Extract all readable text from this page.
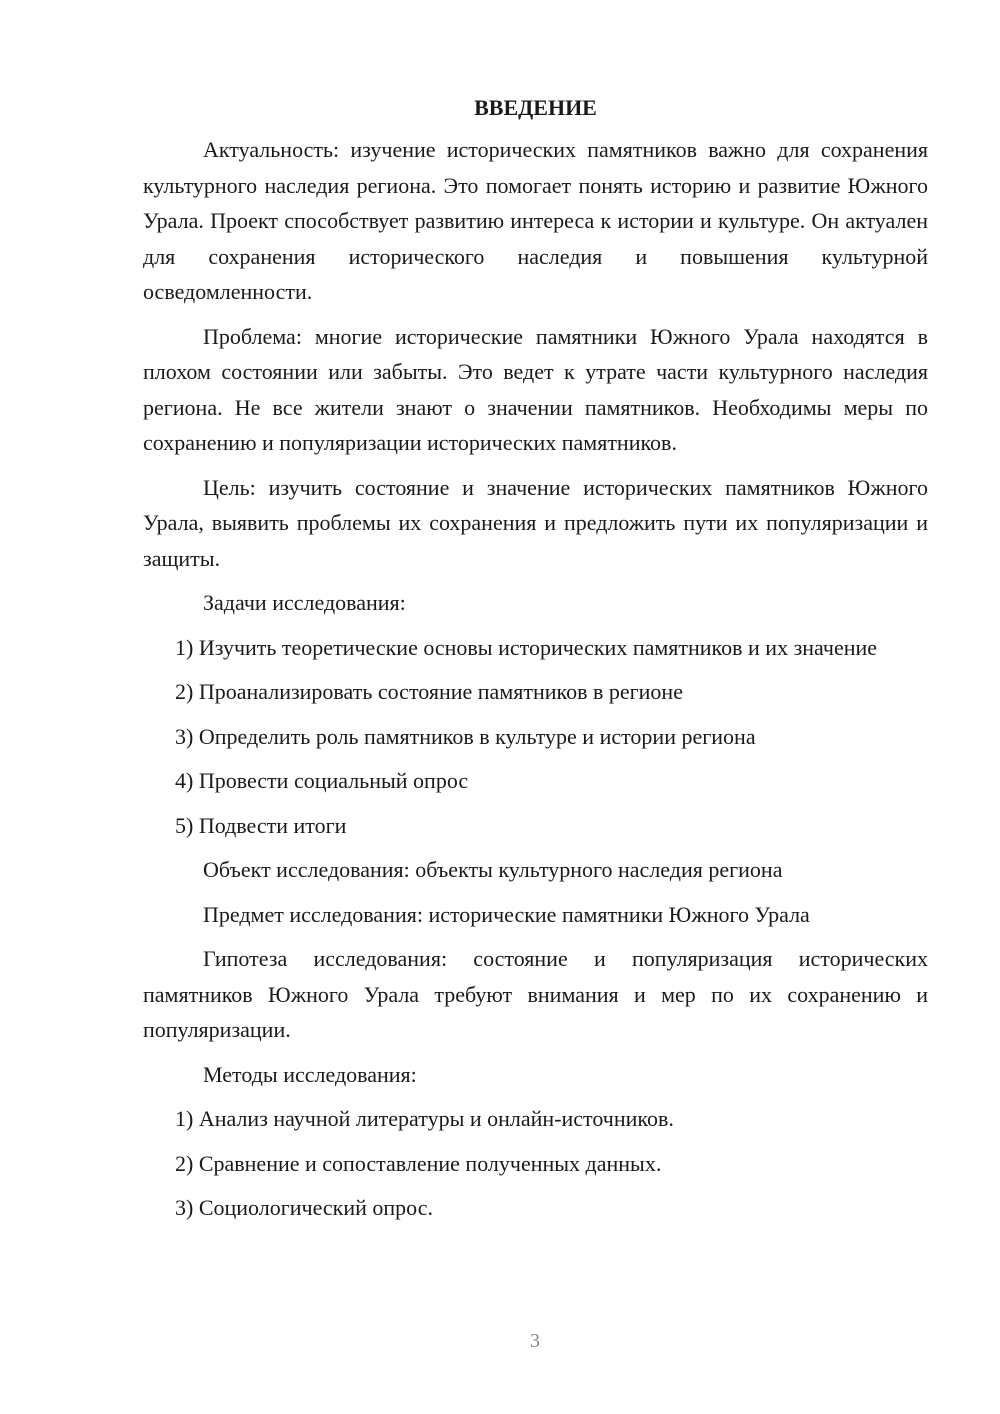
ВВЕДЕНИЕ
Актуальность: изучение исторических памятников важно для сохранения культурного наследия региона. Это помогает понять историю и развитие Южного Урала. Проект способствует развитию интереса к истории и культуре. Он актуален для сохранения исторического наследия и повышения культурной осведомленности.
Проблема: многие исторические памятники Южного Урала находятся в плохом состоянии или забыты. Это ведет к утрате части культурного наследия региона. Не все жители знают о значении памятников. Необходимы меры по сохранению и популяризации исторических памятников.
Цель: изучить состояние и значение исторических памятников Южного Урала, выявить проблемы их сохранения и предложить пути их популяризации и защиты.
Задачи исследования:
1) Изучить теоретические основы исторических памятников и их значение
2) Проанализировать состояние памятников в регионе
3) Определить роль памятников в культуре и истории региона
4) Провести социальный опрос
5) Подвести итоги
Объект исследования: объекты культурного наследия региона
Предмет исследования: исторические памятники Южного Урала
Гипотеза исследования: состояние и популяризация исторических памятников Южного Урала требуют внимания и мер по их сохранению и популяризации.
Методы исследования:
1) Анализ научной литературы и онлайн-источников.
2) Сравнение и сопоставление полученных данных.
3) Социологический опрос.
3
